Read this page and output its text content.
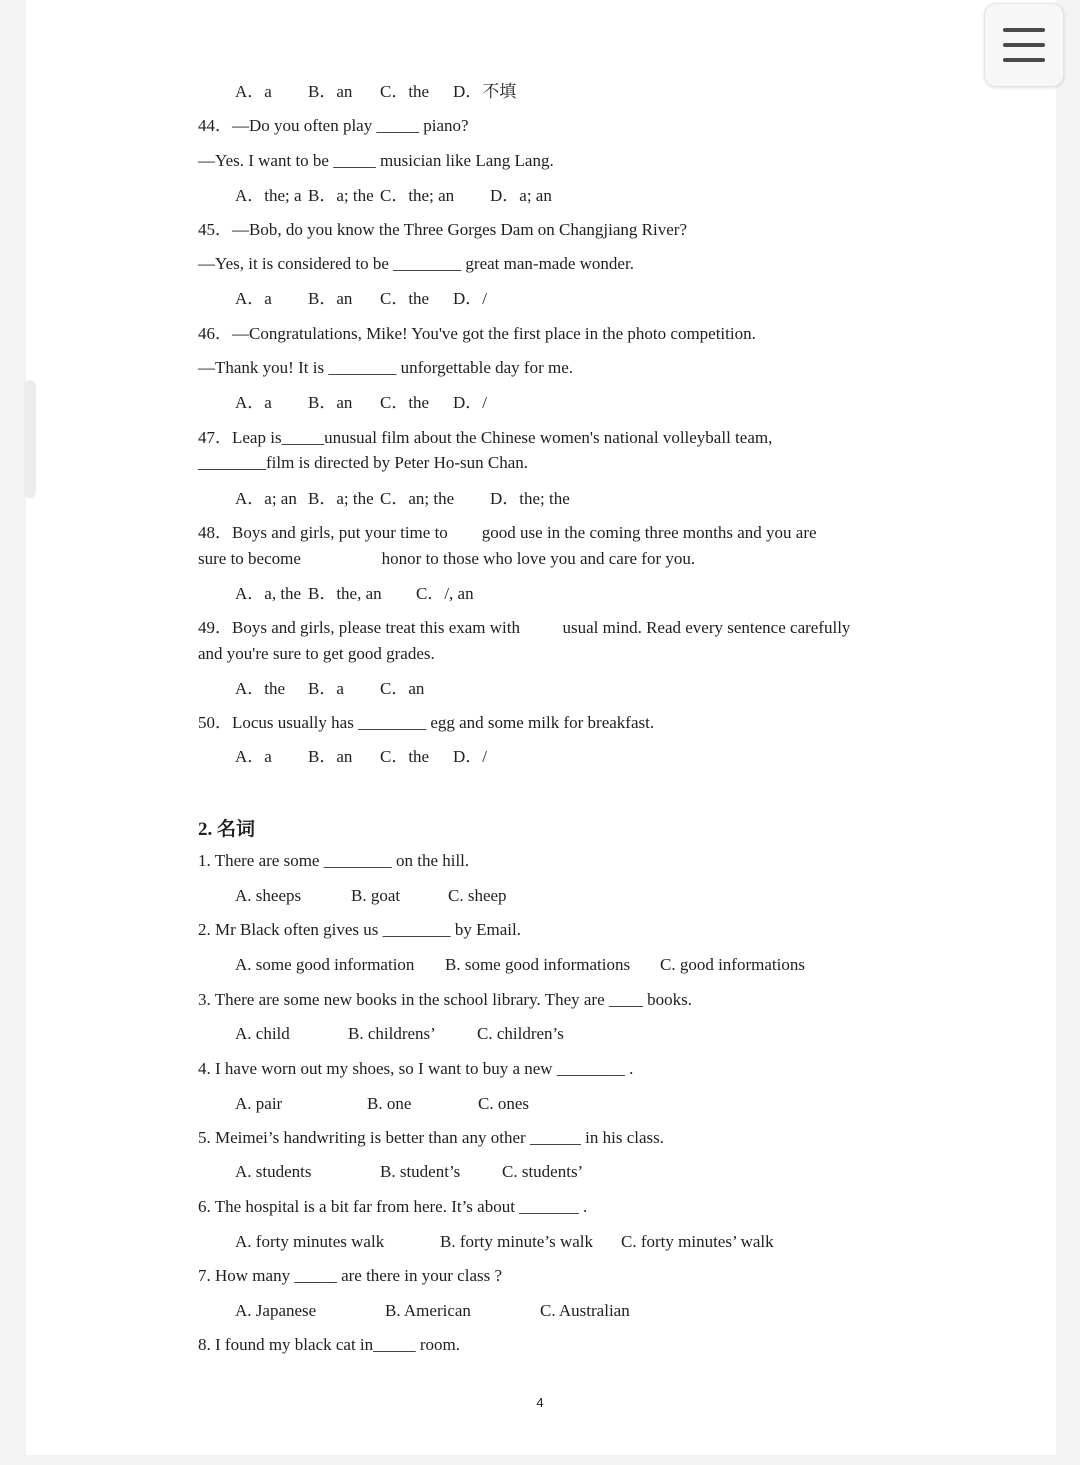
A．a B．an C．the D．不填
44．—Do you often play _____ piano?
—Yes. I want to be _____ musician like Lang Lang.
A．the; a B．a; the C．the; an D．a; an
45．—Bob, do you know the Three Gorges Dam on Changjiang River?
—Yes, it is considered to be ________ great man-made wonder.
A．a B．an C．the D．/
46．—Congratulations, Mike! You've got the first place in the photo competition.
—Thank you! It is ________ unforgettable day for me.
A．a B．an C．the D．/
47．Leap is_____unusual film about the Chinese women's national volleyball team,
________film is directed by Peter Ho-sun Chan.
A．a; an B．a; the C．an; the D．the; the
48．Boys and girls, put your time to        good use in the coming three months and you are
sure to become                   honor to those who love you and care for you.
A．a, the B．the, an C．/, an
49．Boys and girls, please treat this exam with          usual mind. Read every sentence carefully
and you're sure to get good grades.
A．the B．a C．an
50．Locus usually has ________ egg and some milk for breakfast.
A．a B．an C．the D．/
2. 名词
1. There are some ________ on the hill.
A. sheeps	B. goat	C. sheep
2. Mr Black often gives us ________ by Email.
A. some good information B. some good informations C. good informations
3. There are some new books in the school library. They are ____ books.
A. child	B. childrens’ C. children’s
4. I have worn out my shoes, so I want to buy a new ________ .
A. pair	B. one	C. ones
5. Meimei’s handwriting is better than any other ______ in his class.
A. students	B. student’s C. students’
6. The hospital is a bit far from here. It’s about _______ .
A. forty minutes walk	B. forty minute’s walk C. forty minutes’ walk
7. How many _____ are there in your class ?
A. Japanese	B. American	C. Australian
8. I found my black cat in_____ room.
4
